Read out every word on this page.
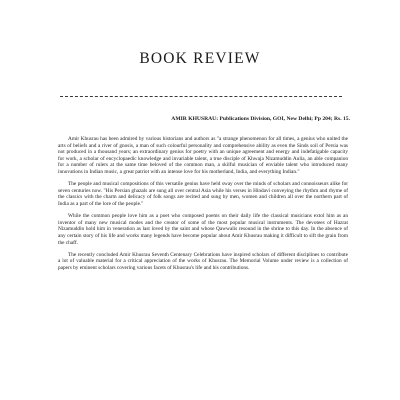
BOOK REVIEW
AMIR KHUSRAU: Publications Division, GOI, New Delhi; Pp 204; Rs. 15.

Amir Khusrau has been admired by various historians and authors as "a strange phenomenon for all times, a genius who united the arts of beliefs and a river of gnosis, a man of such colourful personality and comprehensive ability as even the Sinds soil of Persia was not produced in a thousand years; an extraordinary genius for poetry with an unique agreement and energy and indefatigable capacity for work, a scholar of encyclopaedic knowledge and invariable talent, a true disciple of Khwaja Nizamuddin Aulia, an able companion for a number of rulers at the same time beloved of the common man, a skilful musician of enviable talent who introduced many innovations in Indian music, a great patriot with an intense love for his motherland, India, and everything Indian."

The people and musical compositions of this versatile genius have held sway over the minds of scholars and connoisseurs alike for seven centuries now. "His Persian ghazals are sung all over central Asia while his verses in Hindavi conveying the rhythm and rhyme of the classics with the charm and delicacy of folk songs are recited and sung by men, women and children all over the northern part of India as a part of the lore of the people."

While the common people love him as a poet who composed poems on their daily life the classical musicians extol him as an inventor of many new musical modes and the creator of some of the most popular musical instruments. The devotees of Hazrat Nizamuddin hold him in veneration as last loved by the saint and whose Qawwalis resound in the shrine to this day. In the absence of any certain story of his life and works many legends have become popular about Amir Khusrau making it difficult to sift the grain from the chaff.

The recently concluded Amir Khusrau Seventh Centenary Celebrations have inspired scholars of different disciplines to contribute a lot of valuable material for a critical appreciation of the works of Khusrau. The Memorial Volume under review is a collection of papers by eminent scholars covering various facets of Khusrau's life and his contributions.
